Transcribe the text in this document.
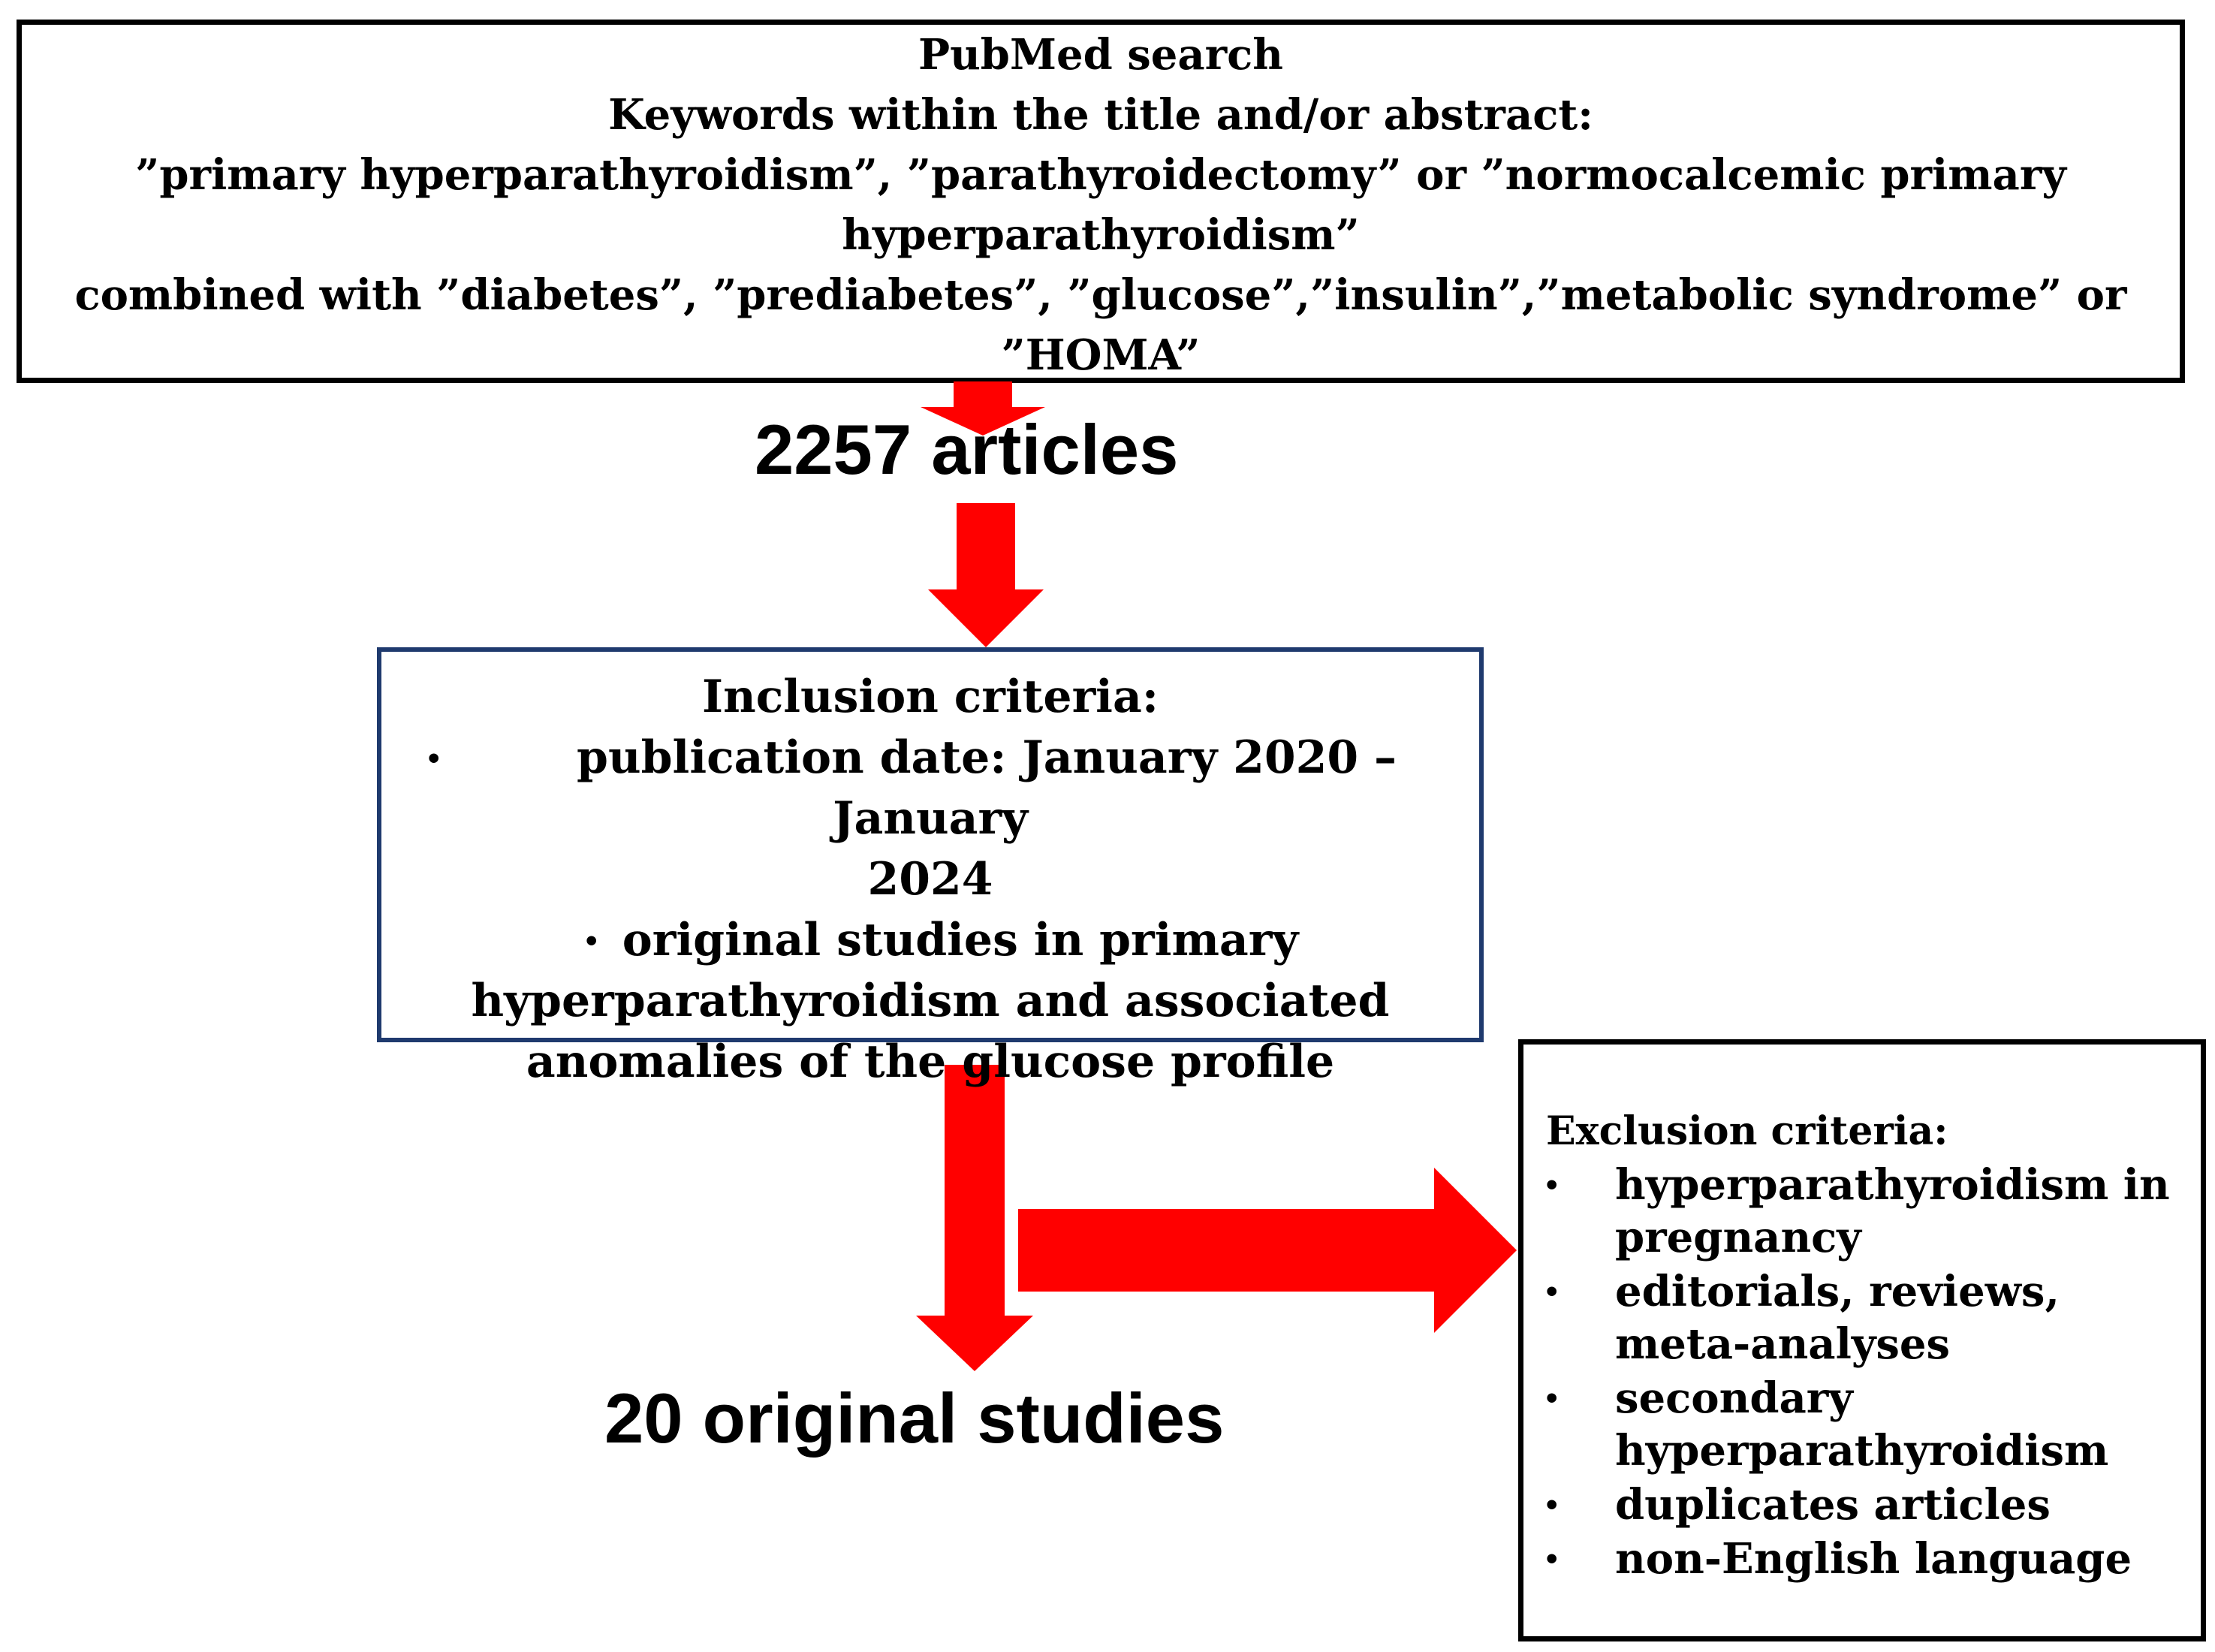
PubMed search
Keywords within the title and/or abstract:
”primary hyperparathyroidism”, ”parathyroidectomy” or ”normocalcemic primary
hyperparathyroidism”
combined with ”diabetes”, ”prediabetes”, ”glucose”,”insulin”,”metabolic syndrome” or
”HOMA”
2257 articles
20 original studies
Inclusion criteria:
•	publication date: January 2020 – January
2024
• original studies in primary
hyperparathyroidism and associated
anomalies of the glucose profile
Exclusion criteria:
• hyperparathyroidism in pregnancy
• editorials, reviews, meta-analyses
• secondary hyperparathyroidism
• duplicates articles
• non-English language
